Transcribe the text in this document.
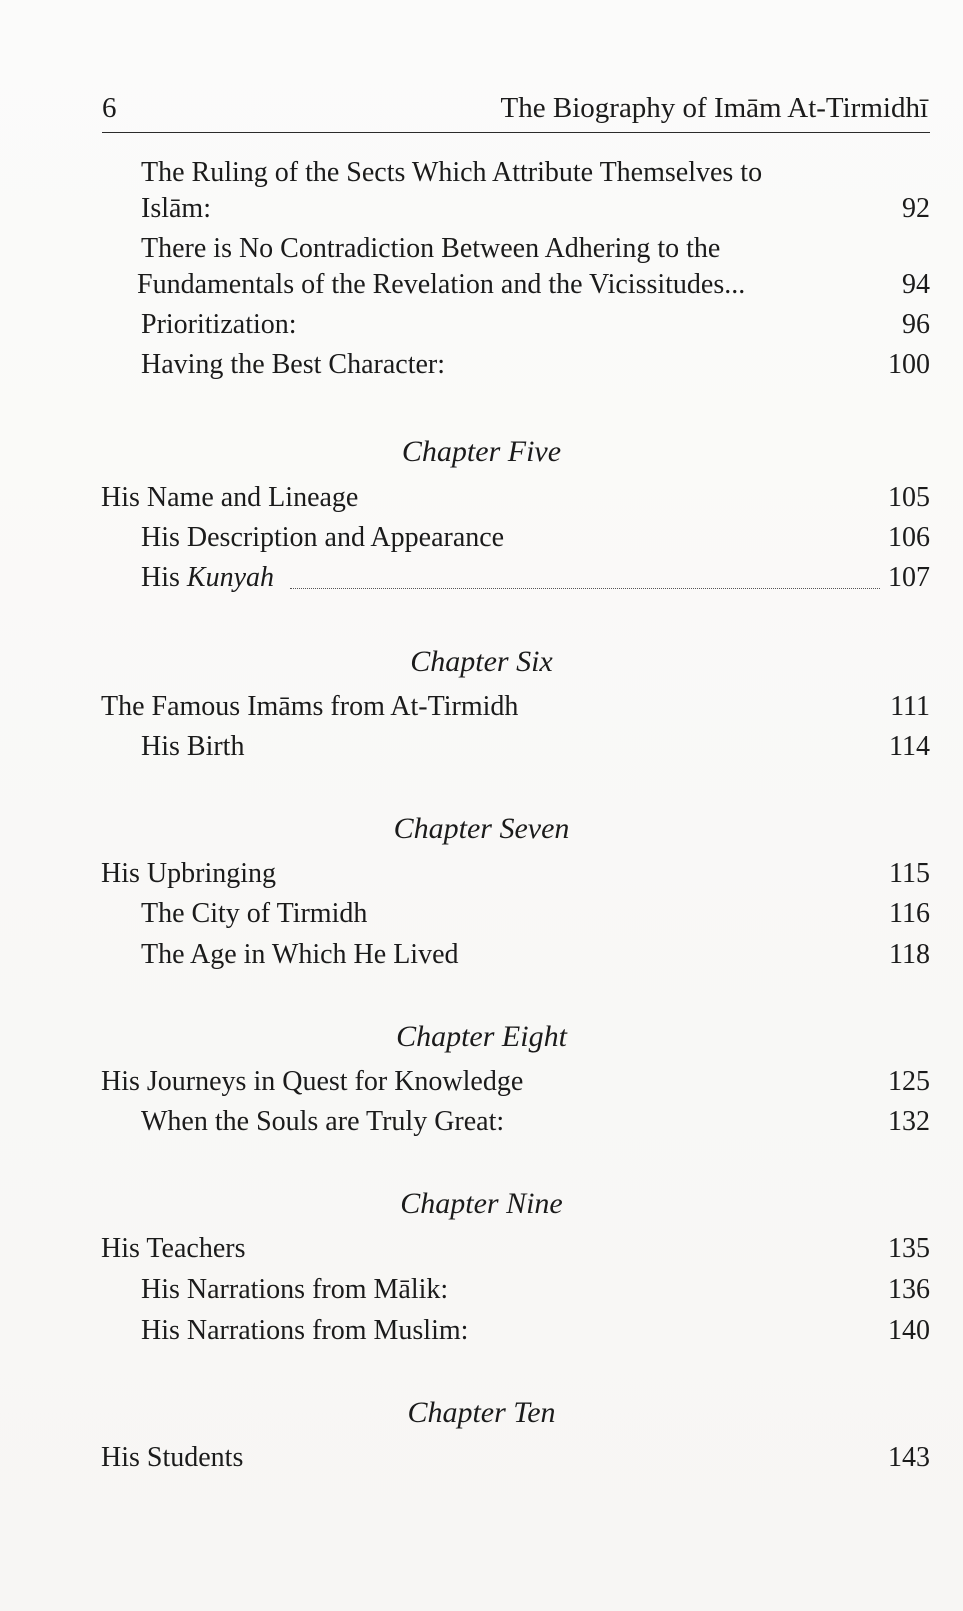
6	The Biography of Imām At-Tirmidhī
The Ruling of the Sects Which Attribute Themselves to
Islām:	92
There is No Contradiction Between Adhering to the
Fundamentals of the Revelation and the Vicissitudes...	94
Prioritization:	96
Having the Best Character:	100
Chapter Five
His Name and Lineage	105
His Description and Appearance	106
His Kunyah	107
Chapter Six
The Famous Imāms from At-Tirmidh	111
His Birth	114
Chapter Seven
His Upbringing	115
The City of Tirmidh	116
The Age in Which He Lived	118
Chapter Eight
His Journeys in Quest for Knowledge	125
When the Souls are Truly Great:	132
Chapter Nine
His Teachers	135
His Narrations from Mālik:	136
His Narrations from Muslim:	140
Chapter Ten
His Students	143
